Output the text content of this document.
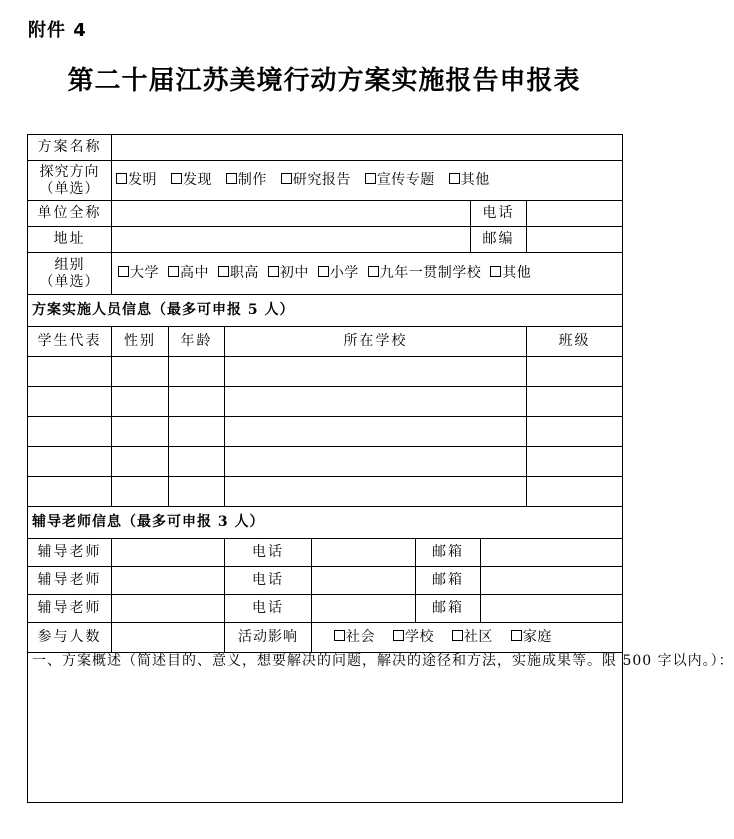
附件 4
第二十届江苏美境行动方案实施报告申报表
方案名称								

探究方向
（单选）	发明 发现 制作 研究报告 宣传专题 其他							
单位全称						电话		
地址						邮编		

组别
（单选）	大学 高中 职高 初中 小学 九年一贯制学校 其他							
方案实施人员信息（最多可申报 5 人）								
学生代表	性别	年龄	所在学校					班级

辅导老师信息（最多可申报 3 人）								
辅导老师			电话		邮箱			
辅导老师			电话		邮箱			
辅导老师			电话		邮箱			
参与人数			活动影响	社会 学校 社区 家庭				

一、方案概述（简述目的、意义，想要解决的问题，解决的途径和方法，实施成果等。限 500 字以内。）：								
